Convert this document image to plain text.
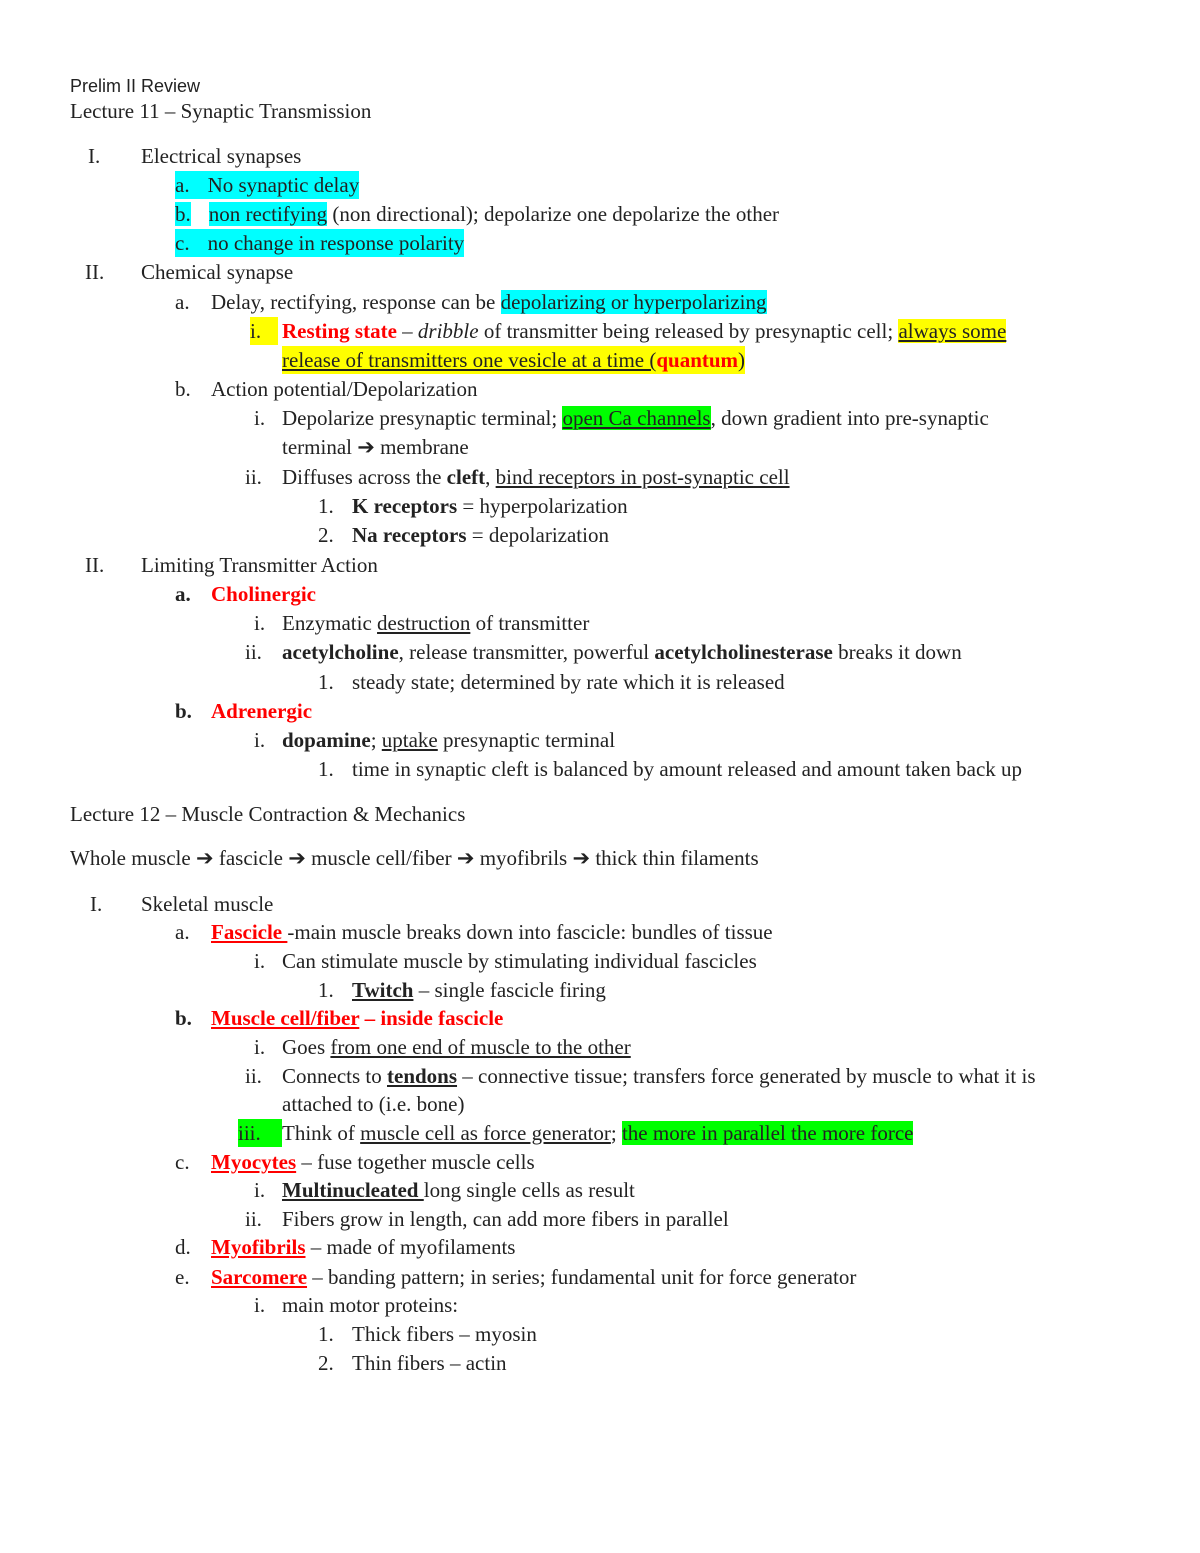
Prelim II Review
Lecture 11 – Synaptic Transmission
I. Electrical synapses
a. No synaptic delay
b. non rectifying (non directional); depolarize one depolarize the other
c. no change in response polarity
II. Chemical synapse
a. Delay, rectifying, response can be depolarizing or hyperpolarizing
i. Resting state – dribble of transmitter being released by presynaptic cell; always some
release of transmitters one vesicle at a time (quantum)
b. Action potential/Depolarization
i. Depolarize presynaptic terminal; open Ca channels, down gradient into pre-synaptic
terminal ➔ membrane
ii. Diffuses across the cleft, bind receptors in post-synaptic cell
1. K receptors = hyperpolarization
2. Na receptors = depolarization
II. Limiting Transmitter Action
a. Cholinergic
i. Enzymatic destruction of transmitter
ii. acetylcholine, release transmitter, powerful acetylcholinesterase breaks it down
1. steady state; determined by rate which it is released
b. Adrenergic
i. dopamine; uptake presynaptic terminal
1. time in synaptic cleft is balanced by amount released and amount taken back up
Lecture 12 – Muscle Contraction & Mechanics
Whole muscle ➔ fascicle ➔ muscle cell/fiber ➔ myofibrils ➔ thick thin filaments
I. Skeletal muscle
a. Fascicle -main muscle breaks down into fascicle: bundles of tissue
i. Can stimulate muscle by stimulating individual fascicles
1. Twitch – single fascicle firing
b. Muscle cell/fiber – inside fascicle
i. Goes from one end of muscle to the other
ii. Connects to tendons – connective tissue; transfers force generated by muscle to what it is
attached to (i.e. bone)
iii.	Think of muscle cell as force generator; the more in parallel the more force
c. Myocytes – fuse together muscle cells
i. Multinucleated long single cells as result
ii. Fibers grow in length, can add more fibers in parallel
d. Myofibrils – made of myofilaments
e. Sarcomere – banding pattern; in series; fundamental unit for force generator
i. main motor proteins:
1. Thick fibers – myosin
2. Thin fibers – actin
